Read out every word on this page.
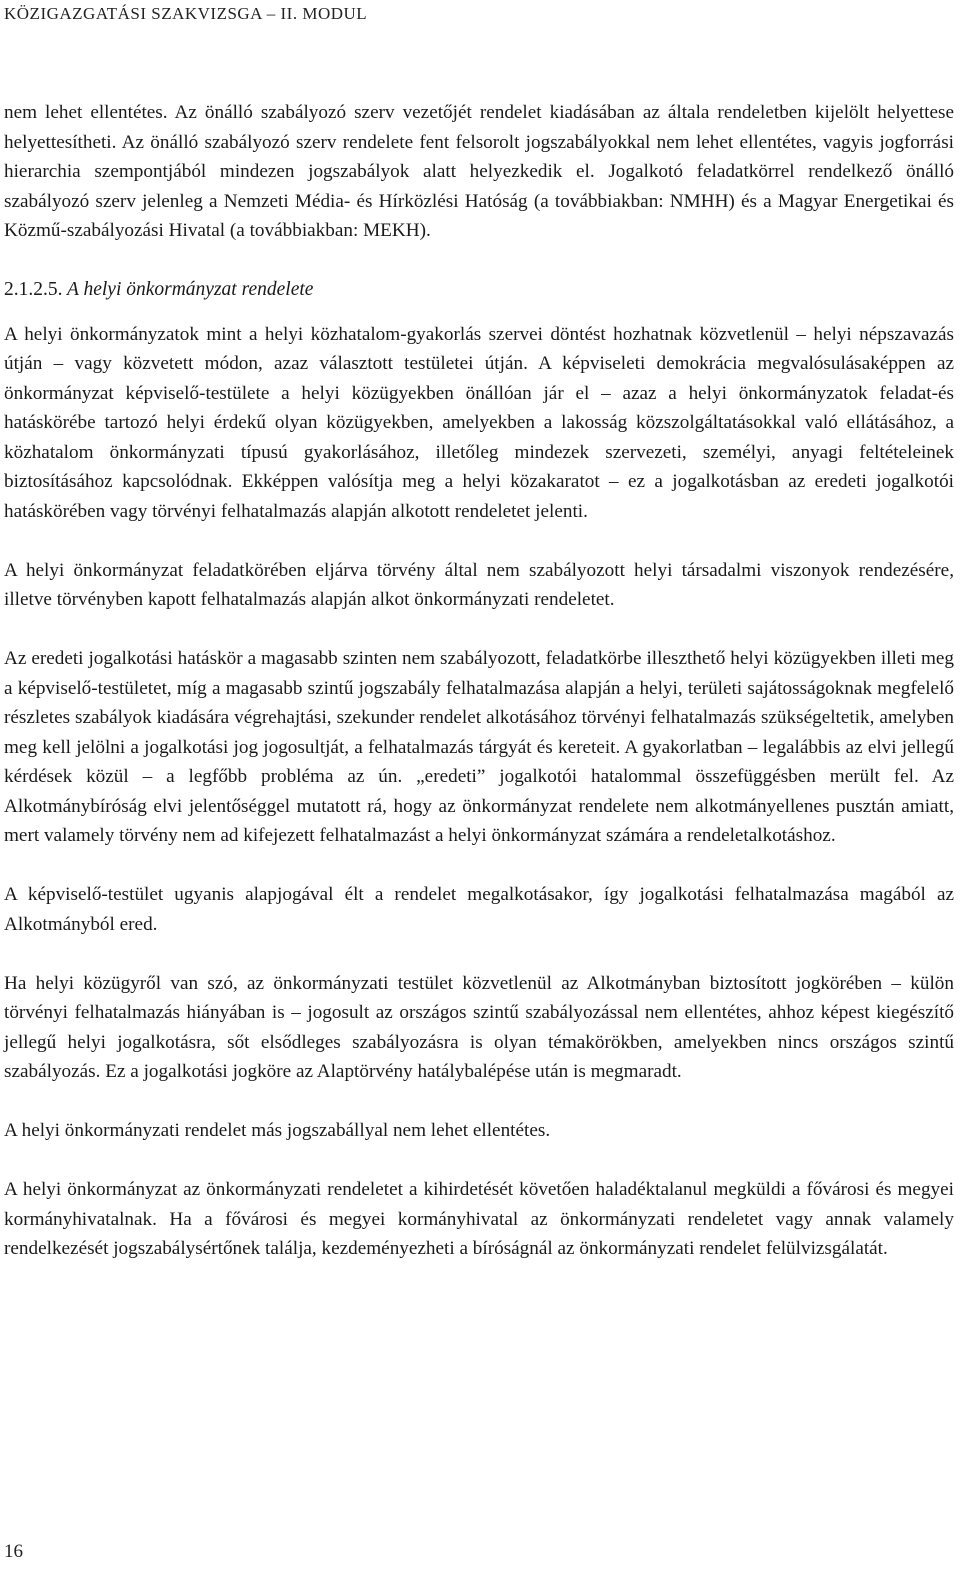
KÖZIGAZGATÁSI SZAKVIZSGA – II. MODUL

nem lehet ellentétes. Az önálló szabályozó szerv vezetőjét rendelet kiadásában az általa rendeletben kijelölt helyettese helyettesítheti. Az önálló szabályozó szerv rendelete fent felsorolt jogszabályokkal nem lehet ellentétes, vagyis jogforrási hierarchia szempontjából mindezen jogszabályok alatt helyezkedik el. Jogalkotó feladatkörrel rendelkező önálló szabályozó szerv jelenleg a Nemzeti Média- és Hírközlési Hatóság (a továbbiakban: NMHH) és a Magyar Energetikai és Közmű-szabályozási Hivatal (a továbbiakban: MEKH).

2.1.2.5. A helyi önkormányzat rendelete

A helyi önkormányzatok mint a helyi közhatalom-gyakorlás szervei döntést hozhatnak közvetlenül – helyi népszavazás útján – vagy közvetett módon, azaz választott testületei útján. A képviseleti demokrácia megvalósulásaképpen az önkormányzat képviselő-testülete a helyi közügyekben önállóan jár el – azaz a helyi önkormányzatok feladat-és hatáskörébe tartozó helyi érdekű olyan közügyekben, amelyekben a lakosság közszolgáltatásokkal való ellátásához, a közhatalom önkormányzati típusú gyakorlásához, illetőleg mindezek szervezeti, személyi, anyagi feltételeinek biztosításához kapcsolódnak. Ekképpen valósítja meg a helyi közakaratot – ez a jogalkotásban az eredeti jogalkotói hatáskörében vagy törvényi felhatalmazás alapján alkotott rendeletet jelenti.

A helyi önkormányzat feladatkörében eljárva törvény által nem szabályozott helyi társadalmi viszonyok rendezésére, illetve törvényben kapott felhatalmazás alapján alkot önkormányzati rendeletet.

Az eredeti jogalkotási hatáskör a magasabb szinten nem szabályozott, feladatkörbe illeszthető helyi közügyekben illeti meg a képviselő-testületet, míg a magasabb szintű jogszabály felhatalmazása alapján a helyi, területi sajátosságoknak megfelelő részletes szabályok kiadására végrehajtási, szekunder rendelet alkotásához törvényi felhatalmazás szükségeltetik, amelyben meg kell jelölni a jogalkotási jog jogosultját, a felhatalmazás tárgyát és kereteit. A gyakorlatban – legalábbis az elvi jellegű kérdések közül – a legfőbb probléma az ún. „eredeti” jogalkotói hatalommal összefüggésben merült fel. Az Alkotmánybíróság elvi jelentőséggel mutatott rá, hogy az önkormányzat rendelete nem alkotmányellenes pusztán amiatt, mert valamely törvény nem ad kifejezett felhatalmazást a helyi önkormányzat számára a rendeletalkotáshoz.

A képviselő-testület ugyanis alapjogával élt a rendelet megalkotásakor, így jogalkotási felhatalmazása magából az Alkotmányból ered.

Ha helyi közügyről van szó, az önkormányzati testület közvetlenül az Alkotmányban biztosított jogkörében – külön törvényi felhatalmazás hiányában is – jogosult az országos szintű szabályozással nem ellentétes, ahhoz képest kiegészítő jellegű helyi jogalkotásra, sőt elsődleges szabályozásra is olyan témakörökben, amelyekben nincs országos szintű szabályozás. Ez a jogalkotási jogköre az Alaptörvény hatálybalépése után is megmaradt.

A helyi önkormányzati rendelet más jogszabállyal nem lehet ellentétes.

A helyi önkormányzat az önkormányzati rendeletet a kihirdetését követően haladéktalanul megküldi a fővárosi és megyei kormányhivatalnak. Ha a fővárosi és megyei kormányhivatal az önkormányzati rendeletet vagy annak valamely rendelkezését jogszabálysértőnek találja, kezdeményezheti a bíróságnál az önkormányzati rendelet felülvizsgálatát.

16
